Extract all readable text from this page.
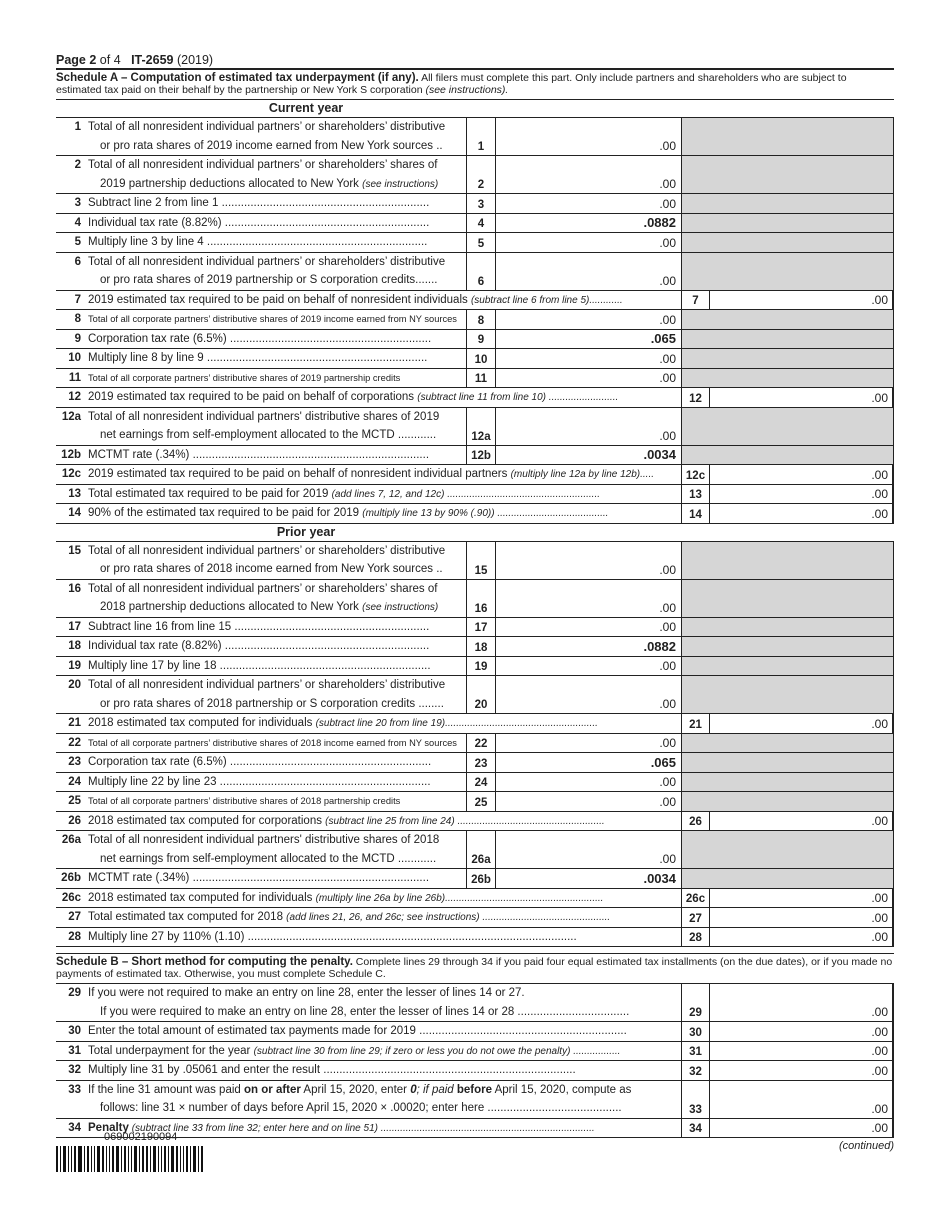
Page 2 of 4 IT-2659 (2019)
Schedule A – Computation of estimated tax underpayment (if any). All filers must complete this part. Only include partners and shareholders who are subject to estimated tax paid on their behalf by the partnership or New York S corporation (see instructions).
Current year
1 Total of all nonresident individual partners’ or shareholders’ distributive
or pro rata shares of 2019 income earned from New York sources ..	1	.00
2 Total of all nonresident individual partners’ or shareholders’ shares of
2019 partnership deductions allocated to New York (see instructions)	2	.00
3 Subtract line 2 from line 1 .................................................................	3	.00
4 Individual tax rate (8.82%) ................................................................	4	.0882
5 Multiply line 3 by line 4 .....................................................................	5	.00
6 Total of all nonresident individual partners’ or shareholders’ distributive
or pro rata shares of 2019 partnership or S corporation credits.......	6	.00
7 2019 estimated tax required to be paid on behalf of nonresident individuals (subtract line 6 from line 5)............	7	.00
8 Total of all corporate partners’ distributive shares of 2019 income earned from NY sources	8	.00
9 Corporation tax rate (6.5%) ...............................................................	9	.065
10 Multiply line 8 by line 9 .....................................................................	10	.00
11 Total of all corporate partners’ distributive shares of 2019 partnership credits	11	.00
12 2019 estimated tax required to be paid on behalf of corporations (subtract line 11 from line 10) .........................	12	.00
12a Total of all nonresident individual partners' distributive shares of 2019
net earnings from self-employment allocated to the MCTD ............	12a	.00
12b MCTMT rate (.34%) ..........................................................................	12b	.0034
12c 2019 estimated tax required to be paid on behalf of nonresident individual partners (multiply line 12a by line 12b).....	12c	.00
13 Total estimated tax required to be paid for 2019 (add lines 7, 12, and 12c) .......................................................	13	.00
14 90% of the estimated tax required to be paid for 2019 (multiply line 13 by 90% (.90)) ........................................	14	.00
Prior year
15 Total of all nonresident individual partners’ or shareholders’ distributive
or pro rata shares of 2018 income earned from New York sources ..	15	.00
16 Total of all nonresident individual partners’ or shareholders’ shares of
2018 partnership deductions allocated to New York (see instructions)	16	.00
17 Subtract line 16 from line 15 .............................................................	17	.00
18 Individual tax rate (8.82%) ................................................................	18	.0882
19 Multiply line 17 by line 18 ..................................................................	19	.00
20 Total of all nonresident individual partners’ or shareholders’ distributive
or pro rata shares of 2018 partnership or S corporation credits ........	20	.00
21 2018 estimated tax computed for individuals (subtract line 20 from line 19).......................................................	21	.00
22 Total of all corporate partners’ distributive shares of 2018 income earned from NY sources	22	.00
23 Corporation tax rate (6.5%) ...............................................................	23	.065
24 Multiply line 22 by line 23 ..................................................................	24	.00
25 Total of all corporate partners’ distributive shares of 2018 partnership credits	25	.00
26 2018 estimated tax computed for corporations (subtract line 25 from line 24) .....................................................	26	.00
26a Total of all nonresident individual partners' distributive shares of 2018
net earnings from self-employment allocated to the MCTD ............	26a	.00
26b MCTMT rate (.34%) ..........................................................................	26b	.0034
26c 2018 estimated tax computed for individuals (multiply line 26a by line 26b).........................................................	26c	.00
27 Total estimated tax computed for 2018 (add lines 21, 26, and 26c; see instructions) ..............................................	27	.00
28 Multiply line 27 by 110% (1.10) .......................................................................................................	28	.00
Schedule B – Short method for computing the penalty. Complete lines 29 through 34 if you paid four equal estimated tax installments (on the due dates), or if you made no payments of estimated tax. Otherwise, you must complete Schedule C.
29 If you were not required to make an entry on line 28, enter the lesser of lines 14 or 27.
If you were required to make an entry on line 28, enter the lesser of lines 14 or 28 ...................................	29	.00
30 Enter the total amount of estimated tax payments made for 2019 .................................................................	30	.00
31 Total underpayment for the year (subtract line 30 from line 29; if zero or less you do not owe the penalty) .................	31	.00
32 Multiply line 31 by .05061 and enter the result ...............................................................................	32	.00
33 If the line 31 amount was paid on or after April 15, 2020, enter 0; if paid before April 15, 2020, compute as
follows: line 31 × number of days before April 15, 2020 × .00020; enter here ..........................................	33	.00
34 Penalty (subtract line 33 from line 32; enter here and on line 51) .............................................................................	34	.00
(continued)
069002190094
